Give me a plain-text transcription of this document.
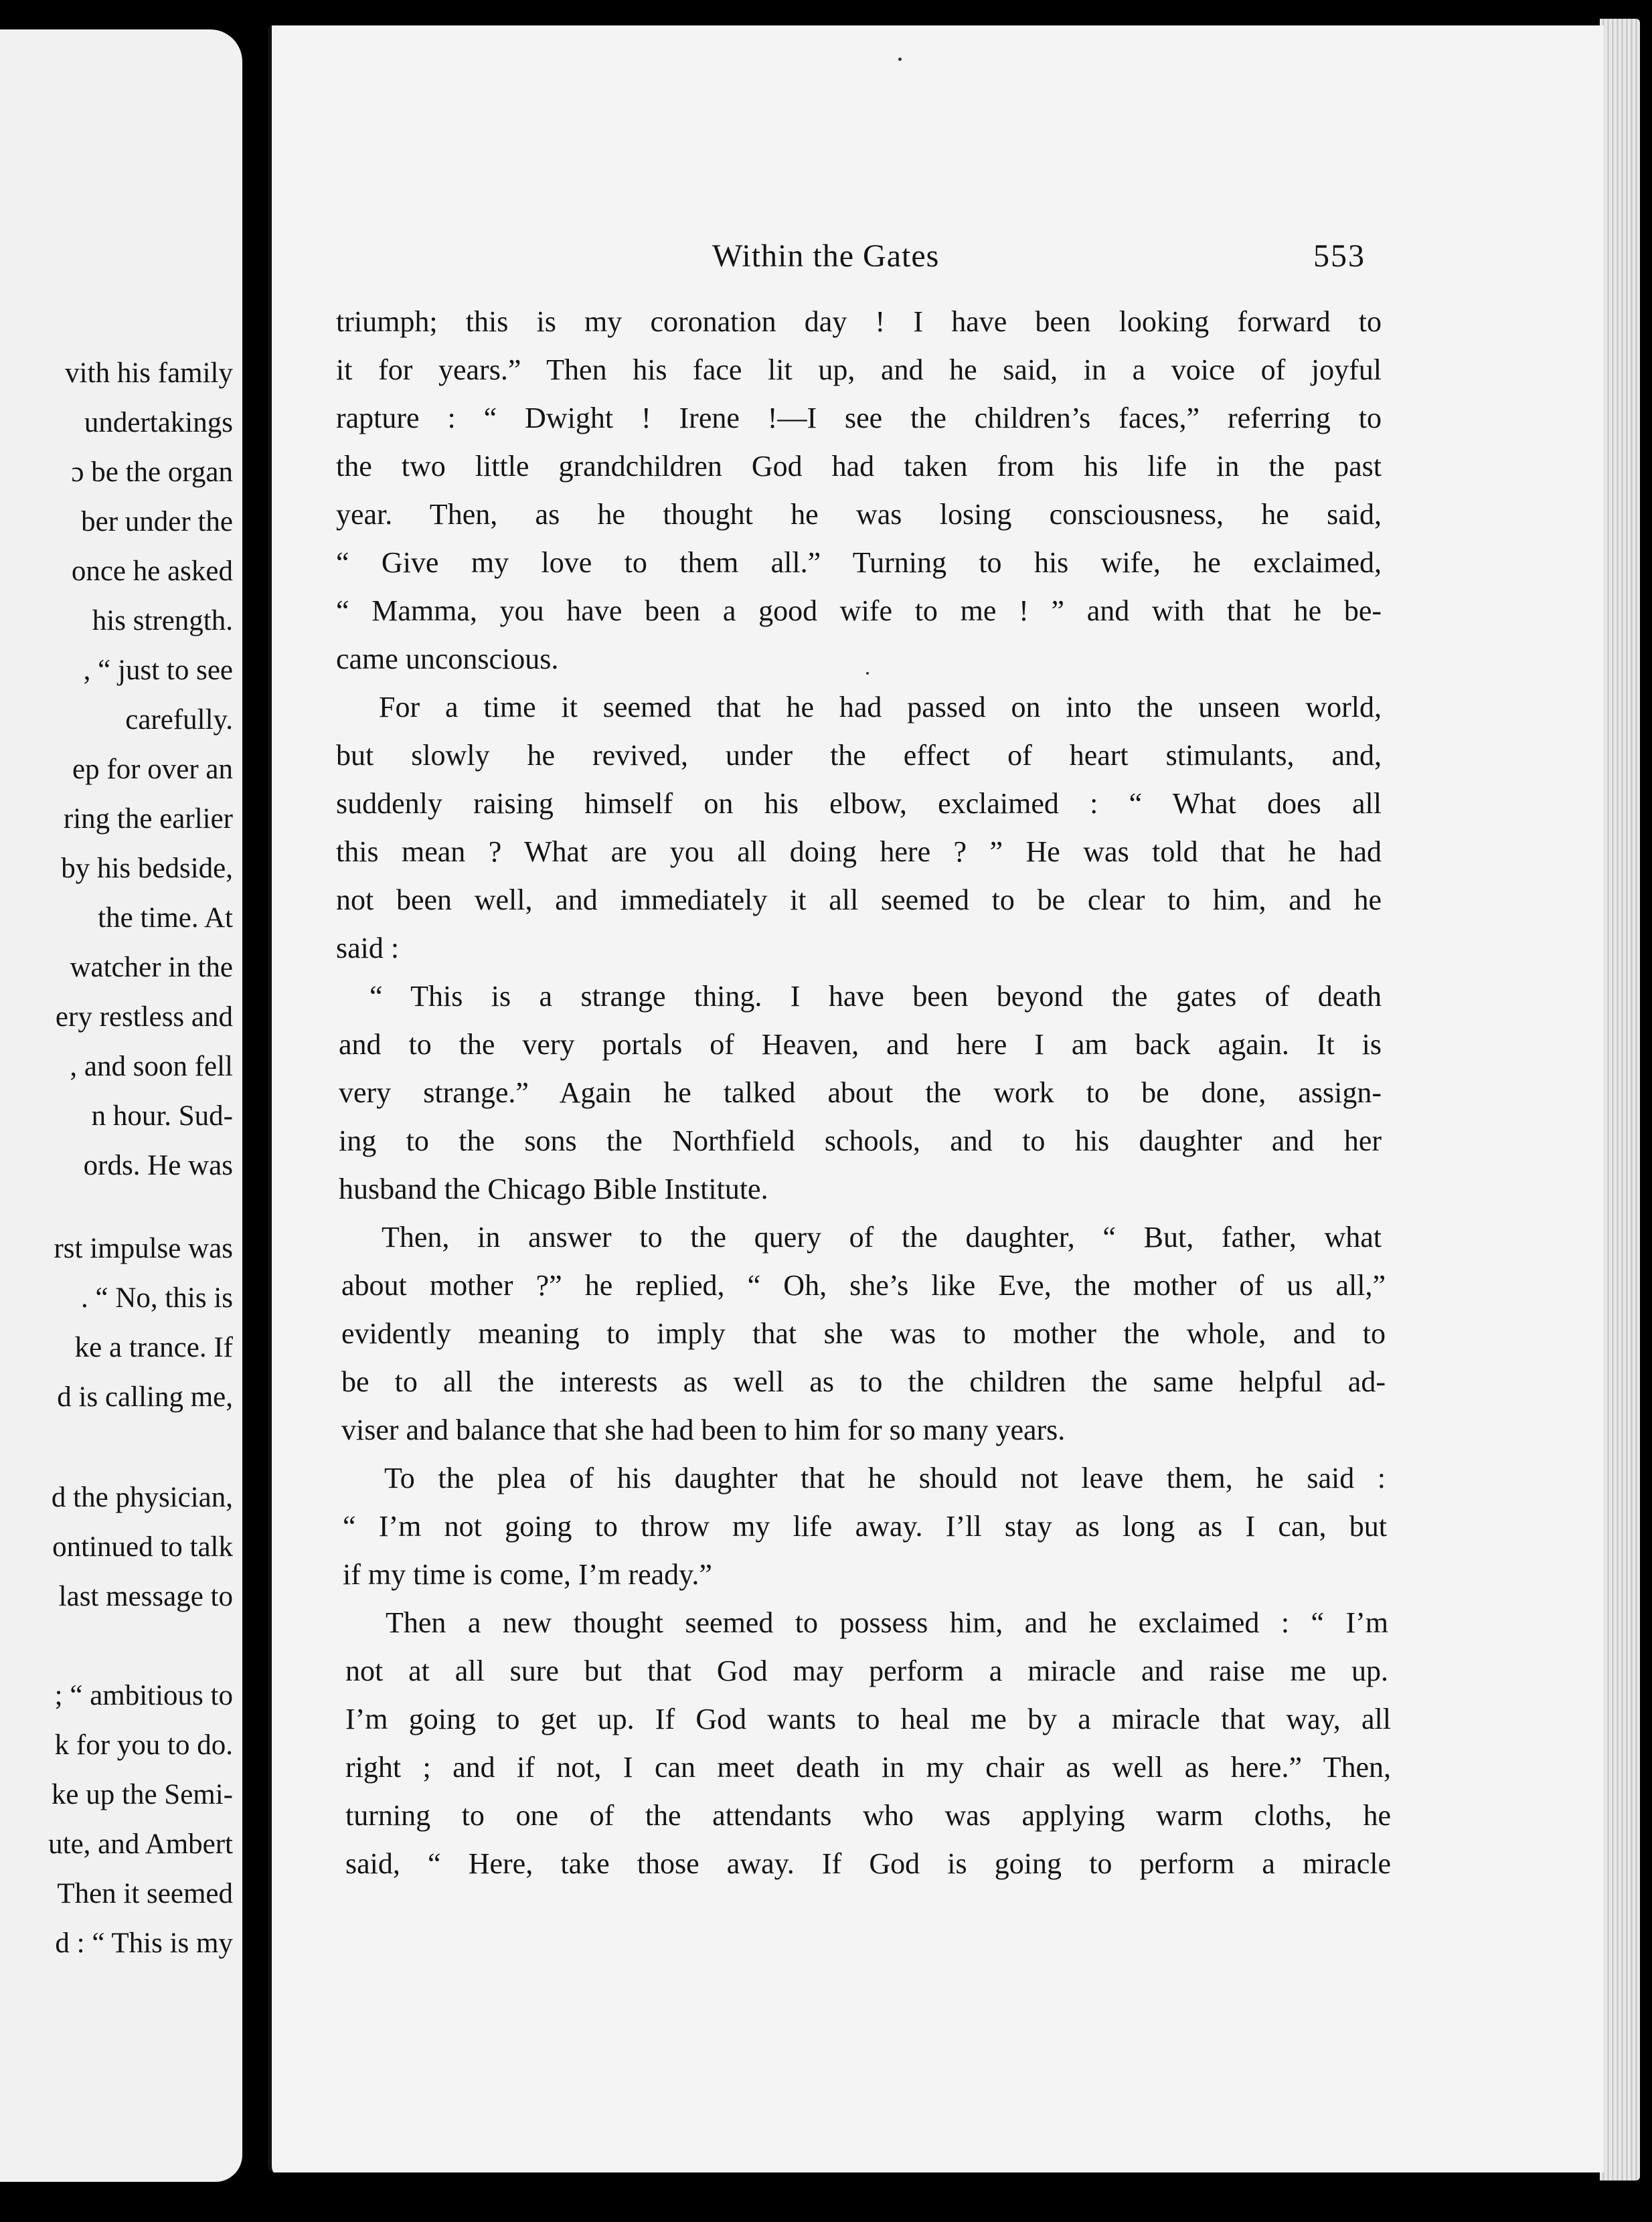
vith his family
undertakings
ɔ be the organ
ber under the
once he asked
his strength.
, “ just to see
carefully.
ep for over an
ring the earlier
by his bedside,
the time. At
watcher in the
ery restless and
, and soon fell
n hour. Sud-
ords. He was
rst impulse was
. “ No, this is
ke a trance. If
d is calling me,
d the physician,
ontinued to talk
last message to
; “ ambitious to
k for you to do.
ke up the Semi-
ute, and Ambert
Then it seemed
d : “ This is my
Within the Gates	553
triumph; this is my coronation day ! I have been looking forward to
it for years.” Then his face lit up, and he said, in a voice of joyful
rapture : “ Dwight ! Irene !—I see the children’s faces,” referring to
the two little grandchildren God had taken from his life in the past
year. Then, as he thought he was losing consciousness, he said,
“ Give my love to them all.” Turning to his wife, he exclaimed,
“ Mamma, you have been a good wife to me ! ” and with that he be-
came unconscious.
For a time it seemed that he had passed on into the unseen world,
but slowly he revived, under the effect of heart stimulants, and,
suddenly raising himself on his elbow, exclaimed : “ What does all
this mean ? What are you all doing here ? ” He was told that he had
not been well, and immediately it all seemed to be clear to him, and he
said :
“ This is a strange thing. I have been beyond the gates of death
and to the very portals of Heaven, and here I am back again. It is
very strange.” Again he talked about the work to be done, assign-
ing to the sons the Northfield schools, and to his daughter and her
husband the Chicago Bible Institute.
Then, in answer to the query of the daughter, “ But, father, what
about mother ?” he replied, “ Oh, she’s like Eve, the mother of us all,”
evidently meaning to imply that she was to mother the whole, and to
be to all the interests as well as to the children the same helpful ad-
viser and balance that she had been to him for so many years.
To the plea of his daughter that he should not leave them, he said :
“ I’m not going to throw my life away. I’ll stay as long as I can, but
if my time is come, I’m ready.”
Then a new thought seemed to possess him, and he exclaimed : “ I’m
not at all sure but that God may perform a miracle and raise me up.
I’m going to get up. If God wants to heal me by a miracle that way, all
right ; and if not, I can meet death in my chair as well as here.” Then,
turning to one of the attendants who was applying warm cloths, he
said, “ Here, take those away. If God is going to perform a miracle
